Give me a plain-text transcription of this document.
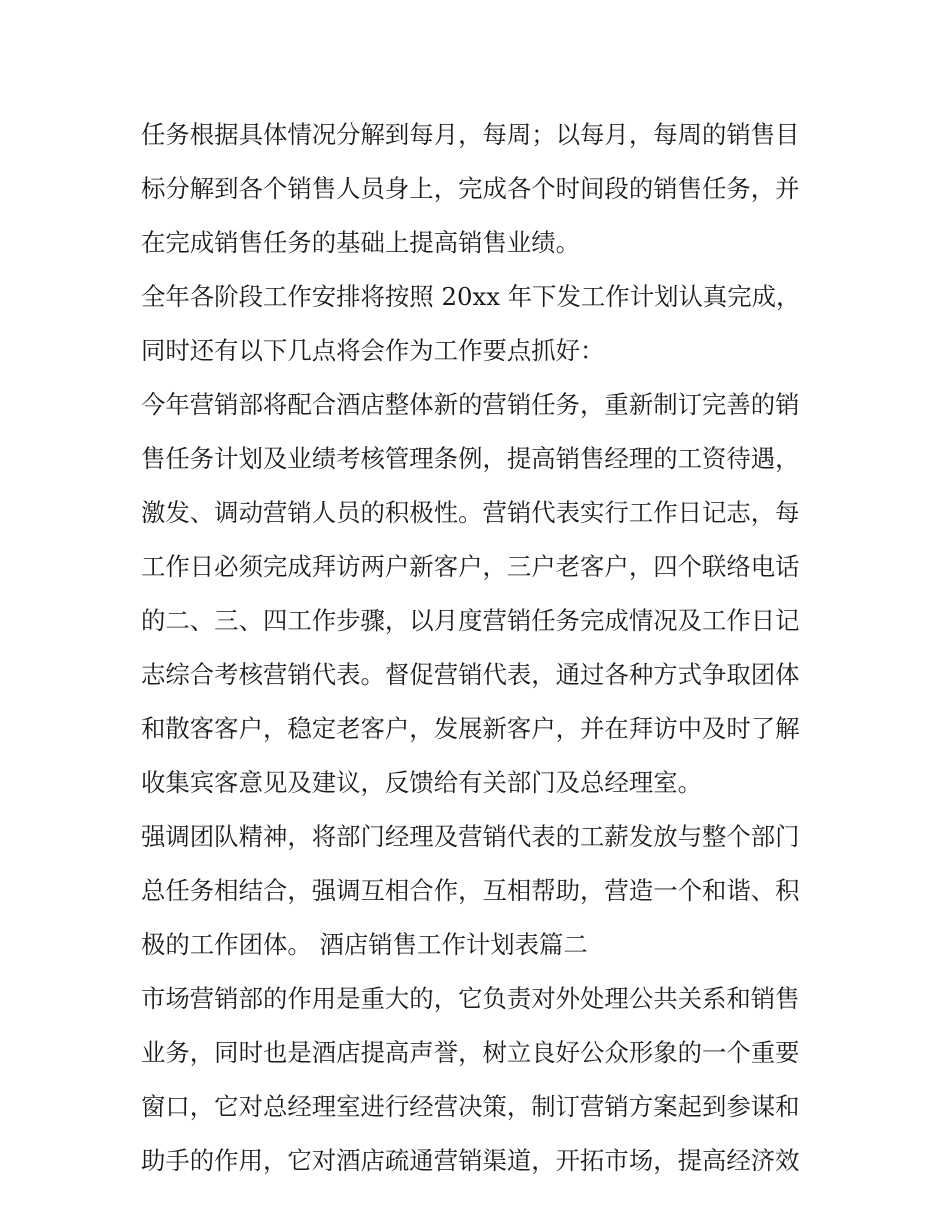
任务根据具体情况分解到每月，每周；以每月，每周的销售目
标分解到各个销售人员身上，完成各个时间段的销售任务，并
在完成销售任务的基础上提高销售业绩。
全年各阶段工作安排将按照 20xx 年下发工作计划认真完成，
同时还有以下几点将会作为工作要点抓好：
今年营销部将配合酒店整体新的营销任务，重新制订完善的销
售任务计划及业绩考核管理条例，提高销售经理的工资待遇，
激发、调动营销人员的积极性。营销代表实行工作日记志，每
工作日必须完成拜访两户新客户，三户老客户，四个联络电话
的二、三、四工作步骤，以月度营销任务完成情况及工作日记
志综合考核营销代表。督促营销代表，通过各种方式争取团体
和散客客户，稳定老客户，发展新客户，并在拜访中及时了解
收集宾客意见及建议，反馈给有关部门及总经理室。
强调团队精神，将部门经理及营销代表的工薪发放与整个部门
总任务相结合，强调互相合作，互相帮助，营造一个和谐、积
极的工作团体。 酒店销售工作计划表篇二
市场营销部的作用是重大的，它负责对外处理公共关系和销售
业务，同时也是酒店提高声誉，树立良好公众形象的一个重要
窗口，它对总经理室进行经营决策，制订营销方案起到参谋和
助手的作用，它对酒店疏通营销渠道，开拓市场，提高经济效
